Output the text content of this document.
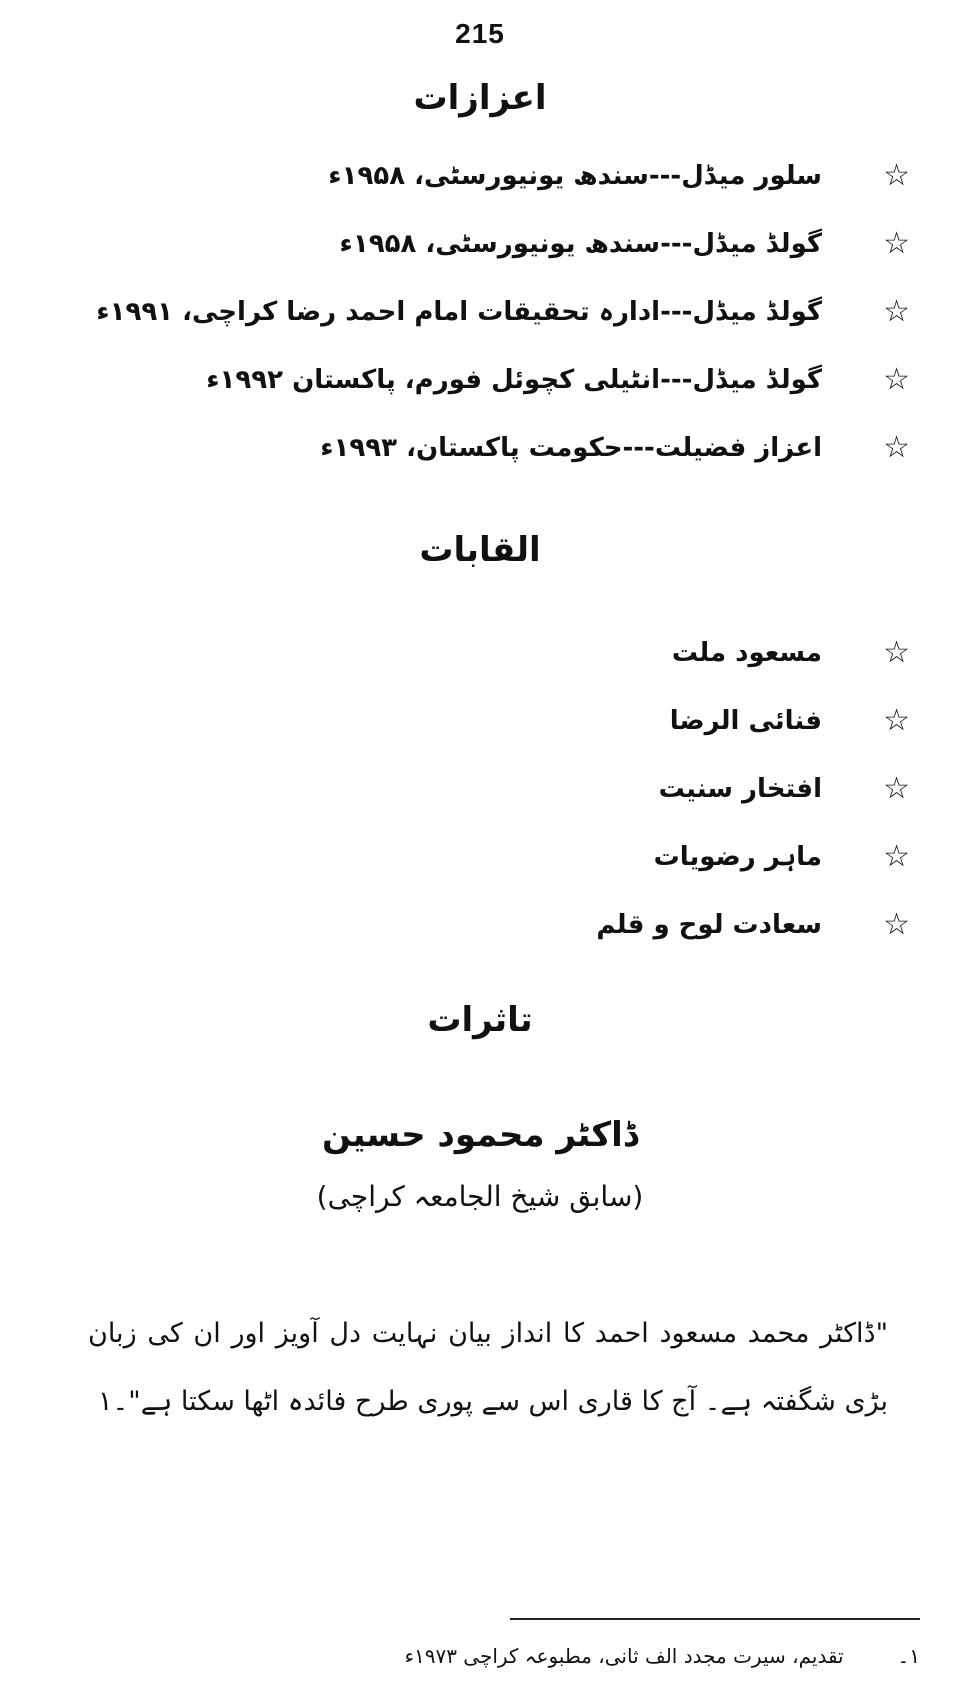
215
اعزازات
☆
سلور میڈل---سندھ یونیورسٹی، ۱۹۵۸ء
☆
گولڈ میڈل---سندھ یونیورسٹی، ۱۹۵۸ء
☆
گولڈ میڈل---ادارہ تحقیقات امام احمد رضا کراچی، ۱۹۹۱ء
☆
گولڈ میڈل---انٹیلی کچوئل فورم، پاکستان ۱۹۹۲ء
☆
اعزاز فضیلت---حکومت پاکستان، ۱۹۹۳ء
القابات
☆
مسعود ملت
☆
فنائی الرضا
☆
افتخار سنیت
☆
ماہر رضویات
☆
سعادت لوح و قلم
تاثرات
ڈاکٹر محمود حسین
(سابق شیخ الجامعہ کراچی)
"ڈاکٹر محمد مسعود احمد کا انداز بیان نہایت دل آویز اور ان کی زبان بڑی شگفتہ ہے۔ آج کا قاری اس سے پوری طرح فائدہ اٹھا سکتا ہے"۔۱
۱۔ تقدیم، سیرت مجدد الف ثانی، مطبوعہ کراچی ۱۹۷۳ء
